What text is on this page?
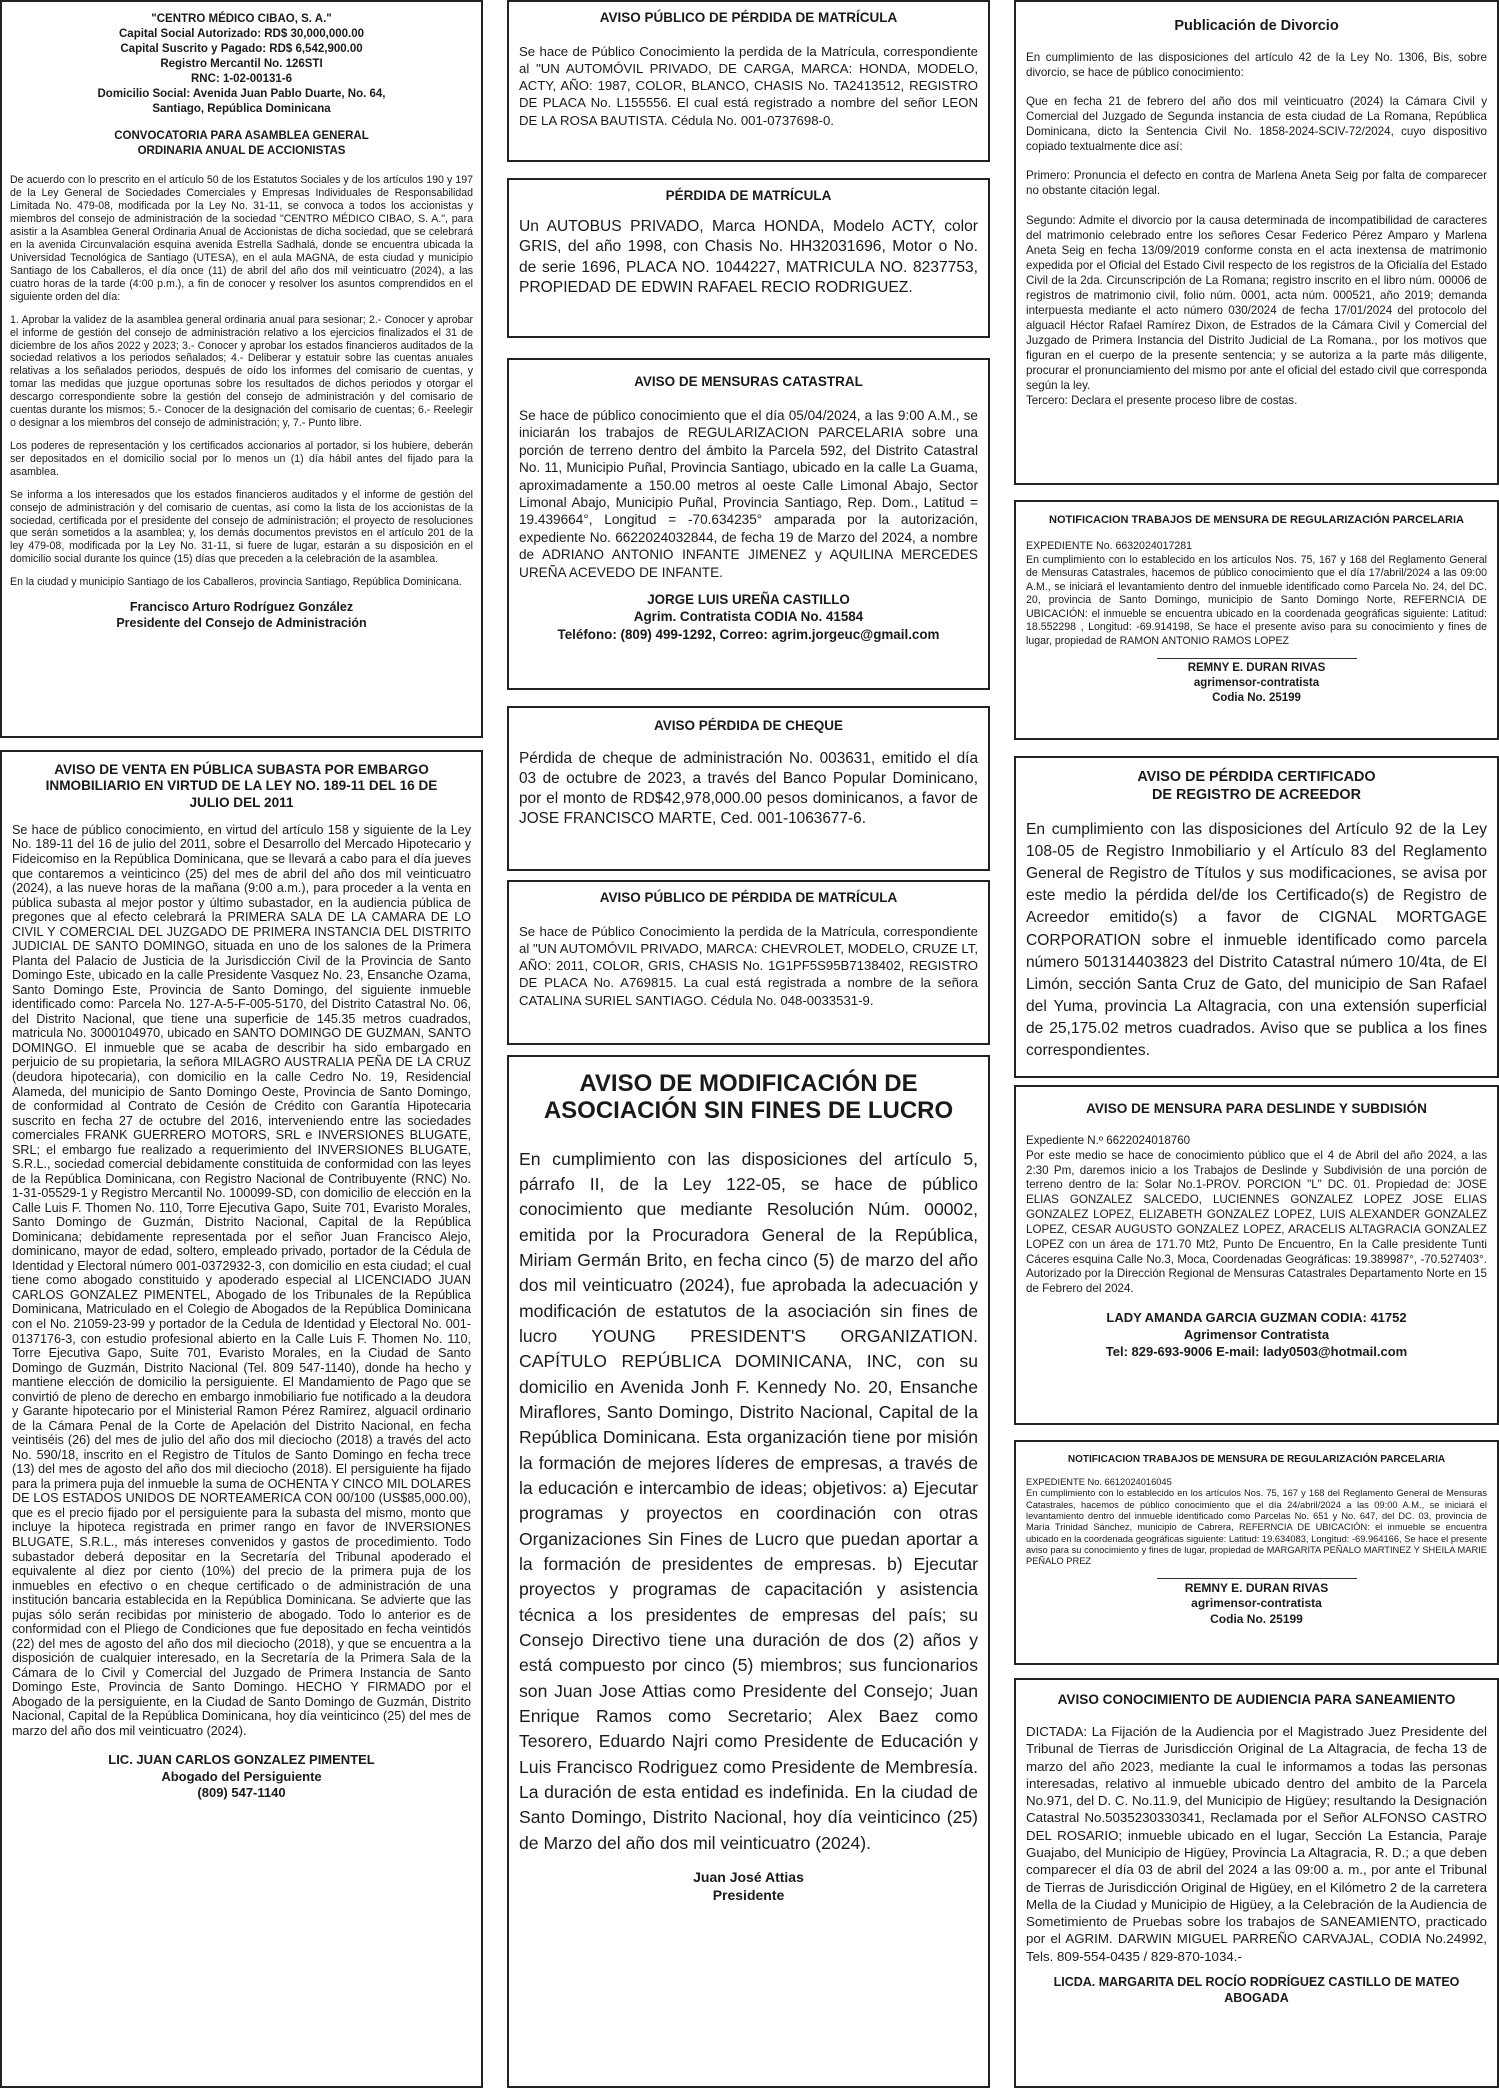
"CENTRO MÉDICO CIBAO, S. A."
Capital Social Autorizado: RD$ 30,000,000.00
Capital Suscrito y Pagado: RD$ 6,542,900.00
Registro Mercantil No. 126STI
RNC: 1-02-00131-6
Domicilio Social: Avenida Juan Pablo Duarte, No. 64,
Santiago, República Dominicana
CONVOCATORIA PARA ASAMBLEA GENERAL
ORDINARIA ANUAL DE ACCIONISTAS

De acuerdo con lo prescrito en el artículo 50 de los Estatutos Sociales y de los artículos 190 y 197 de la Ley General de Sociedades Comerciales y Empresas Individuales de Responsabilidad Limitada No. 479-08, modificada por la Ley No. 31-11, se convoca a todos los accionistas y miembros del consejo de administración de la sociedad "CENTRO MÉDICO CIBAO, S. A.", para asistir a la Asamblea General Ordinaria Anual de Accionistas de dicha sociedad, que se celebrará en la avenida Circunvalación esquina avenida Estrella Sadhalá, donde se encuentra ubicada la Universidad Tecnológica de Santiago (UTESA), en el aula MAGNA, de esta ciudad y municipio Santiago de los Caballeros, el día once (11) de abril del año dos mil veinticuatro (2024), a las cuatro horas de la tarde (4:00 p.m.), a fin de conocer y resolver los asuntos comprendidos en el siguiente orden del día:

1. Aprobar la validez de la asamblea general ordinaria anual para sesionar; 2.- Conocer y aprobar el informe de gestión del consejo de administración relativo a los ejercicios finalizados el 31 de diciembre de los años 2022 y 2023; 3.- Conocer y aprobar los estados financieros auditados de la sociedad relativos a los periodos señalados; 4.- Deliberar y estatuir sobre las cuentas anuales relativas a los señalados periodos, después de oído los informes del comisario de cuentas, y tomar las medidas que juzgue oportunas sobre los resultados de dichos periodos y otorgar el descargo correspondiente sobre la gestión del consejo de administración y del comisario de cuentas durante los mismos; 5.- Conocer de la designación del comisario de cuentas; 6.- Reelegir o designar a los miembros del consejo de administración; y, 7.- Punto libre.

Los poderes de representación y los certificados accionarios al portador, si los hubiere, deberán ser depositados en el domicilio social por lo menos un (1) día hábil antes del fijado para la asamblea.

Se informa a los interesados que los estados financieros auditados y el informe de gestión del consejo de administración y del comisario de cuentas, así como la lista de los accionistas de la sociedad, certificada por el presidente del consejo de administración; el proyecto de resoluciones que serán sometidos a la asamblea; y, los demás documentos previstos en el artículo 201 de la ley 479-08, modificada por la Ley No. 31-11, si fuere de lugar, estarán a su disposición en el domicilio social durante los quince (15) días que preceden a la celebración de la asamblea.

En la ciudad y municipio Santiago de los Caballeros, provincia Santiago, República Dominicana.

Francisco Arturo Rodríguez González
Presidente del Consejo de Administración
AVISO DE VENTA EN PÚBLICA SUBASTA POR EMBARGO
INMOBILIARIO EN VIRTUD DE LA LEY NO. 189-11 DEL 16 DE
JULIO DEL 2011

Se hace de público conocimiento, en virtud del artículo 158 y siguiente de la Ley No. 189-11 del 16 de julio del 2011, sobre el Desarrollo del Mercado Hipotecario y Fideicomiso en la República Dominicana, que se llevará a cabo para el día jueves que contaremos a veinticinco (25) del mes de abril del año dos mil veinticuatro (2024), a las nueve horas de la mañana (9:00 a.m.), para proceder a la venta en pública subasta al mejor postor y último subastador, en la audiencia pública de pregones que al efecto celebrará la PRIMERA SALA DE LA CAMARA DE LO CIVIL Y COMERCIAL DEL JUZGADO DE PRIMERA INSTANCIA DEL DISTRITO JUDICIAL DE SANTO DOMINGO, situada en uno de los salones de la Primera Planta del Palacio de Justicia de la Jurisdicción Civil de la Provincia de Santo Domingo Este, ubicado en la calle Presidente Vasquez No. 23, Ensanche Ozama, Santo Domingo Este, Provincia de Santo Domingo, del siguiente inmueble identificado como: Parcela No. 127-A-5-F-005-5170, del Distrito Catastral No. 06, del Distrito Nacional, que tiene una superficie de 145.35 metros cuadrados, matricula No. 3000104970, ubicado en SANTO DOMINGO DE GUZMAN, SANTO DOMINGO. El inmueble que se acaba de describir ha sido embargado en perjuicio de su propietaria, la señora MILAGRO AUSTRALIA PEÑA DE LA CRUZ (deudora hipotecaria), con domicilio en la calle Cedro No. 19, Residencial Alameda, del municipio de Santo Domingo Oeste, Provincia de Santo Domingo, de conformidad al Contrato de Cesión de Crédito con Garantía Hipotecaria suscrito en fecha 27 de octubre del 2016, interveniendo entre las sociedades comerciales FRANK GUERRERO MOTORS, SRL e INVERSIONES BLUGATE, SRL; el embargo fue realizado a requerimiento del INVERSIONES BLUGATE, S.R.L., sociedad comercial debidamente constituida de conformidad con las leyes de la República Dominicana, con Registro Nacional de Contribuyente (RNC) No. 1-31-05529-1 y Registro Mercantil No. 100099-SD, con domicilio de elección en la Calle Luis F. Thomen No. 110, Torre Ejecutiva Gapo, Suite 701, Evaristo Morales, Santo Domingo de Guzmán, Distrito Nacional, Capital de la República Dominicana; debidamente representada por el señor Juan Francisco Alejo, dominicano, mayor de edad, soltero, empleado privado, portador de la Cédula de Identidad y Electoral número 001-0372932-3, con domicilio en esta ciudad; el cual tiene como abogado constituido y apoderado especial al LICENCIADO JUAN CARLOS GONZALEZ PIMENTEL, Abogado de los Tribunales de la República Dominicana, Matriculado en el Colegio de Abogados de la República Dominicana con el No. 21059-23-99 y portador de la Cedula de Identidad y Electoral No. 001-0137176-3, con estudio profesional abierto en la Calle Luis F. Thomen No. 110, Torre Ejecutiva Gapo, Suite 701, Evaristo Morales, en la Ciudad de Santo Domingo de Guzmán, Distrito Nacional (Tel. 809 547-1140), donde ha hecho y mantiene elección de domicilio la persiguiente. El Mandamiento de Pago que se convirtió de pleno de derecho en embargo inmobiliario fue notificado a la deudora y Garante hipotecario por el Ministerial Ramon Pérez Ramírez, alguacil ordinario de la Cámara Penal de la Corte de Apelación del Distrito Nacional, en fecha veintiséis (26) del mes de julio del año dos mil dieciocho (2018) a través del acto No. 590/18, inscrito en el Registro de Títulos de Santo Domingo en fecha trece (13) del mes de agosto del año dos mil dieciocho (2018). El persiguiente ha fijado para la primera puja del inmueble la suma de OCHENTA Y CINCO MIL DOLARES DE LOS ESTADOS UNIDOS DE NORTEAMERICA CON 00/100 (US$85,000.00), que es el precio fijado por el persiguiente para la subasta del mismo, monto que incluye la hipoteca registrada en primer rango en favor de INVERSIONES BLUGATE, S.R.L., más intereses convenidos y gastos de procedimiento. Todo subastador deberá depositar en la Secretaría del Tribunal apoderado el equivalente al diez por ciento (10%) del precio de la primera puja de los inmuebles en efectivo o en cheque certificado o de administración de una institución bancaria establecida en la República Dominicana. Se advierte que las pujas sólo serán recibidas por ministerio de abogado. Todo lo anterior es de conformidad con el Pliego de Condiciones que fue depositado en fecha veintidós (22) del mes de agosto del año dos mil dieciocho (2018), y que se encuentra a la disposición de cualquier interesado, en la Secretaría de la Primera Sala de la Cámara de lo Civil y Comercial del Juzgado de Primera Instancia de Santo Domingo Este, Provincia de Santo Domingo. HECHO Y FIRMADO por el Abogado de la persiguiente, en la Ciudad de Santo Domingo de Guzmán, Distrito Nacional, Capital de la República Dominicana, hoy día veinticinco (25) del mes de marzo del año dos mil veinticuatro (2024).

LIC. JUAN CARLOS GONZALEZ PIMENTEL
Abogado del Persiguiente
(809) 547-1140
AVISO PÚBLICO DE PÉRDIDA DE MATRÍCULA

Se hace de Público Conocimiento la perdida de la Matrícula, correspondiente al "UN AUTOMÓVIL PRIVADO, DE CARGA, MARCA: HONDA, MODELO, ACTY, AÑO: 1987, COLOR, BLANCO, CHASIS No. TA2413512, REGISTRO DE PLACA No. L155556. El cual está registrado a nombre del señor LEON DE LA ROSA BAUTISTA. Cédula No. 001-0737698-0.

PÉRDIDA DE MATRÍCULA

Un AUTOBUS PRIVADO, Marca HONDA, Modelo ACTY, color GRIS, del año 1998, con Chasis No. HH32031696, Motor o No. de serie 1696, PLACA NO. 1044227, MATRICULA NO. 8237753, PROPIEDAD DE EDWIN RAFAEL RECIO RODRIGUEZ.

AVISO DE MENSURAS CATASTRAL

Se hace de público conocimiento que el día 05/04/2024, a las 9:00 A.M., se iniciarán los trabajos de REGULARIZACION PARCELARIA sobre una porción de terreno dentro del ámbito la Parcela 592, del Distrito Catastral No. 11, Municipio Puñal, Provincia Santiago, ubicado en la calle La Guama, aproximadamente a 150.00 metros al oeste Calle Limonal Abajo, Sector Limonal Abajo, Municipio Puñal, Provincia Santiago, Rep. Dom., Latitud = 19.439664°, Longitud = -70.634235° amparada por la autorización, expediente No. 6622024032844, de fecha 19 de Marzo del 2024, a nombre de ADRIANO ANTONIO INFANTE JIMENEZ y AQUILINA MERCEDES UREÑA ACEVEDO DE INFANTE.

JORGE LUIS UREÑA CASTILLO
Agrim. Contratista CODIA No. 41584
Teléfono: (809) 499-1292, Correo: agrim.jorgeuc@gmail.com
AVISO PÉRDIDA DE CHEQUE

Pérdida de cheque de administración No. 003631, emitido el día 03 de octubre de 2023, a través del Banco Popular Dominicano, por el monto de RD$42,978,000.00 pesos dominicanos, a favor de JOSE FRANCISCO MARTE, Ced. 001-1063677-6.

AVISO PÚBLICO DE PÉRDIDA DE MATRÍCULA

Se hace de Público Conocimiento la perdida de la Matrícula, correspondiente al "UN AUTOMÓVIL PRIVADO, MARCA: CHEVROLET, MODELO, CRUZE LT, AÑO: 2011, COLOR, GRIS, CHASIS No. 1G1PF5S95B7138402, REGISTRO DE PLACA No. A769815. La cual está registrada a nombre de la señora CATALINA SURIEL SANTIAGO. Cédula No. 048-0033531-9.

AVISO DE MODIFICACIÓN DE
ASOCIACIÓN SIN FINES DE LUCRO

En cumplimiento con las disposiciones del artículo 5, párrafo II, de la Ley 122-05, se hace de público conocimiento que mediante Resolución Núm. 00002, emitida por la Procuradora General de la República, Miriam Germán Brito, en fecha cinco (5) de marzo del año dos mil veinticuatro (2024), fue aprobada la adecuación y modificación de estatutos de la asociación sin fines de lucro YOUNG PRESIDENT'S ORGANIZATION. CAPÍTULO REPÚBLICA DOMINICANA, INC, con su domicilio en Avenida Jonh F. Kennedy No. 20, Ensanche Miraflores, Santo Domingo, Distrito Nacional, Capital de la República Dominicana. Esta organización tiene por misión la formación de mejores líderes de empresas, a través de la educación e intercambio de ideas; objetivos: a) Ejecutar programas y proyectos en coordinación con otras Organizaciones Sin Fines de Lucro que puedan aportar a la formación de presidentes de empresas. b) Ejecutar proyectos y programas de capacitación y asistencia técnica a los presidentes de empresas del país; su Consejo Directivo tiene una duración de dos (2) años y está compuesto por cinco (5) miembros; sus funcionarios son Juan Jose Attias como Presidente del Consejo; Juan Enrique Ramos como Secretario; Alex Baez como Tesorero, Eduardo Najri como Presidente de Educación y Luis Francisco Rodriguez como Presidente de Membresía. La duración de esta entidad es indefinida. En la ciudad de Santo Domingo, Distrito Nacional, hoy día veinticinco (25) de Marzo del año dos mil veinticuatro (2024).

Juan José Attias
Presidente
Publicación de Divorcio

En cumplimiento de las disposiciones del artículo 42 de la Ley No. 1306, Bis, sobre divorcio, se hace de público conocimiento:

Que en fecha 21 de febrero del año dos mil veinticuatro (2024) la Cámara Civil y Comercial del Juzgado de Segunda instancia de esta ciudad de La Romana, República Dominicana, dicto la Sentencia Civil No. 1858-2024-SCIV-72/2024, cuyo dispositivo copiado textualmente dice así:

Primero: Pronuncia el defecto en contra de Marlena Aneta Seig por falta de comparecer no obstante citación legal.

Segundo: Admite el divorcio por la causa determinada de incompatibilidad de caracteres del matrimonio celebrado entre los señores Cesar Federico Pérez Amparo y Marlena Aneta Seig en fecha 13/09/2019 conforme consta en el acta inextensa de matrimonio expedida por el Oficial del Estado Civil respecto de los registros de la Oficialía del Estado Civil de la 2da. Circunscripción de La Romana; registro inscrito en el libro núm. 00006 de registros de matrimonio civil, folio núm. 0001, acta núm. 000521, año 2019; demanda interpuesta mediante el acto número 030/2024 de fecha 17/01/2024 del protocolo del alguacil Héctor Rafael Ramírez Dixon, de Estrados de la Cámara Civil y Comercial del Juzgado de Primera Instancia del Distrito Judicial de La Romana., por los motivos que figuran en el cuerpo de la presente sentencia; y se autoriza a la parte más diligente, procurar el pronunciamiento del mismo por ante el oficial del estado civil que corresponda según la ley.

Tercero: Declara el presente proceso libre de costas.

NOTIFICACION TRABAJOS DE MENSURA DE REGULARIZACIÓN PARCELARIA

EXPEDIENTE No. 6632024017281
En cumplimiento con lo establecido en los artículos Nos. 75, 167 y 168 del Reglamento General de Mensuras Catastrales, hacemos de público conocimiento que el día 17/abril/2024 a las 09:00 A.M., se iniciará el levantamiento dentro del inmueble identificado como Parcela No. 24, del DC. 20, provincia de Santo Domingo, municipio de Santo Domingo Norte, REFERNCIA DE UBICACIÓN: el inmueble se encuentra ubicado en la coordenada geográficas siguiente: Latitud: 18.552298 , Longitud: -69.914198, Se hace el presente aviso para su conocimiento y fines de lugar, propiedad de RAMON ANTONIO RAMOS LOPEZ

REMNY E. DURAN RIVAS
agrimensor-contratista
Codia No. 25199
AVISO DE PÉRDIDA CERTIFICADO
DE REGISTRO DE ACREEDOR

En cumplimiento con las disposiciones del Artículo 92 de la Ley 108-05 de Registro Inmobiliario y el Artículo 83 del Reglamento General de Registro de Títulos y sus modificaciones, se avisa por este medio la pérdida del/de los Certificado(s) de Registro de Acreedor emitido(s) a favor de CIGNAL MORTGAGE CORPORATION sobre el inmueble identificado como parcela número 501314403823 del Distrito Catastral número 10/4ta, de El Limón, sección Santa Cruz de Gato, del municipio de San Rafael del Yuma, provincia La Altagracia, con una extensión superficial de 25,175.02 metros cuadrados. Aviso que se publica a los fines correspondientes.

AVISO DE MENSURA PARA DESLINDE Y SUBDISIÓN

Expediente N.º 6622024018760
Por este medio se hace de conocimiento público que el 4 de Abril del año 2024, a las 2:30 Pm, daremos inicio a los Trabajos de Deslinde y Subdivisión de una porción de terreno dentro de la: Solar No.1-PROV. PORCION "L" DC. 01. Propiedad de: JOSE ELIAS GONZALEZ SALCEDO, LUCIENNES GONZALEZ LOPEZ JOSE ELIAS GONZALEZ LOPEZ, ELIZABETH GONZALEZ LOPEZ, LUIS ALEXANDER GONZALEZ LOPEZ, CESAR AUGUSTO GONZALEZ LOPEZ, ARACELIS ALTAGRACIA GONZALEZ LOPEZ con un área de 171.70 Mt2, Punto De Encuentro, En la Calle presidente Tunti Cáceres esquina Calle No.3, Moca, Coordenadas Geográficas: 19.389987°, -70.527403°. Autorizado por la Dirección Regional de Mensuras Catastrales Departamento Norte en 15 de Febrero del 2024.

LADY AMANDA GARCIA GUZMAN CODIA: 41752
Agrimensor Contratista
Tel: 829-693-9006 E-mail: lady0503@hotmail.com
NOTIFICACION TRABAJOS DE MENSURA DE REGULARIZACIÓN PARCELARIA

EXPEDIENTE No. 6612024016045
En cumplimiento con lo establecido en los artículos Nos. 75, 167 y 168 del Reglamento General de Mensuras Catastrales, hacemos de público conocimiento que el día 24/abril/2024 a las 09:00 A.M., se iniciará el levantamiento dentro del inmueble identificado como Parcelas No. 651 y No. 647, del DC. 03, provincia de María Trinidad Sánchez, municipio de Cabrera, REFERNCIA DE UBICACIÓN: el inmueble se encuentra ubicado en la coordenada geográficas siguiente: Latitud: 19.634083, Longitud: -69.964166, Se hace el presente aviso para su conocimiento y fines de lugar, propiedad de MARGARITA PEÑALO MARTINEZ Y SHEILA MARIE PEÑALO PREZ

REMNY E. DURAN RIVAS
agrimensor-contratista
Codia No. 25199
AVISO CONOCIMIENTO DE AUDIENCIA PARA SANEAMIENTO

DICTADA: La Fijación de la Audiencia por el Magistrado Juez Presidente del Tribunal de Tierras de Jurisdicción Original de La Altagracia, de fecha 13 de marzo del año 2023, mediante la cual le informamos a todas las personas interesadas, relativo al inmueble ubicado dentro del ambito de la Parcela No.971, del D. C. No.11.9, del Municipio de Higüey; resultando la Designación Catastral No.5035230330341, Reclamada por el Señor ALFONSO CASTRO DEL ROSARIO; inmueble ubicado en el lugar, Sección La Estancia, Paraje Guajabo, del Municipio de Higüey, Provincia La Altagracia, R. D.; a que deben comparecer el día 03 de abril del 2024 a las 09:00 a. m., por ante el Tribunal de Tierras de Jurisdicción Original de Higüey, en el Kilómetro 2 de la carretera Mella de la Ciudad y Municipio de Higüey, a la Celebración de la Audiencia de Sometimiento de Pruebas sobre los trabajos de SANEAMIENTO, practicado por el AGRIM. DARWIN MIGUEL PARREÑO CARVAJAL, CODIA No.24992, Tels. 809-554-0435 / 829-870-1034.-

LICDA. MARGARITA DEL ROCÍO RODRÍGUEZ CASTILLO DE MATEO
ABOGADA
